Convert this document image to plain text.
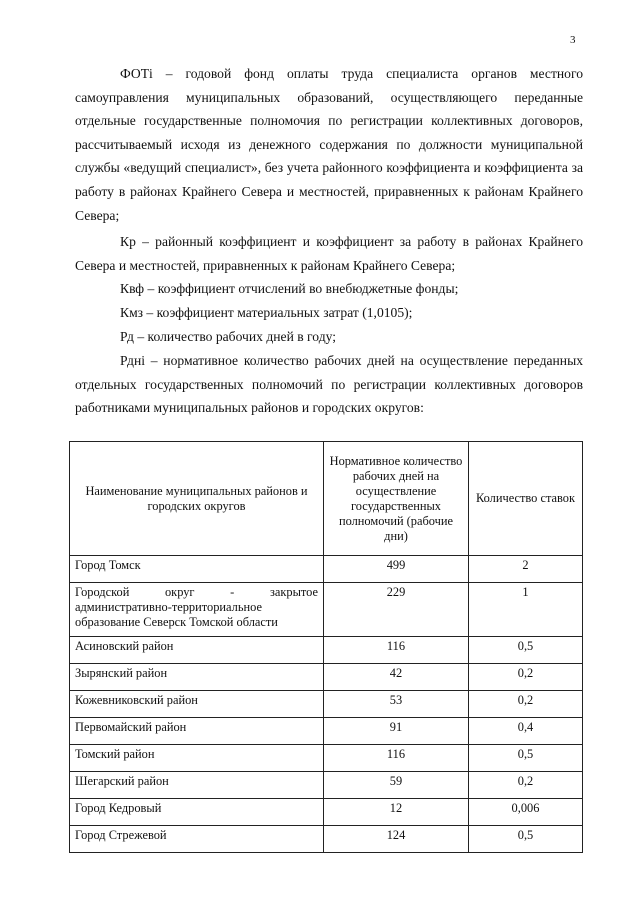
3

ФОТi – годовой фонд оплаты труда специалиста органов местного самоуправления муниципальных образований, осуществляющего переданные отдельные государственные полномочия по регистрации коллективных договоров, рассчитываемый исходя из денежного содержания по должности муниципальной службы «ведущий специалист», без учета районного коэффициента и коэффициента за работу в районах Крайнего Севера и местностей, приравненных к районам Крайнего Севера;

Кр – районный коэффициент и коэффициент за работу в районах Крайнего Севера и местностей, приравненных к районам Крайнего Севера;

Квф – коэффициент отчислений во внебюджетные фонды;

Кмз – коэффициент материальных затрат (1,0105);

Рд – количество рабочих дней в году;

Рдні – нормативное количество рабочих дней на осуществление переданных отдельных государственных полномочий по регистрации коллективных договоров работниками муниципальных районов и городских округов:

Наименование муниципальных районов и городских округов	Нормативное количество рабочих дней на осуществление государственных полномочий (рабочие дни)	Количество ставок
Город Томск	499	2
Городской округ - закрытое административно-территориальное образование Северск Томской области	229	1
Асиновский район	116	0,5
Зырянский район	42	0,2
Кожевниковский район	53	0,2
Первомайский район	91	0,4
Томский район	116	0,5
Шегарский район	59	0,2
Город Кедровый	12	0,006
Город Стрежевой	124	0,5
